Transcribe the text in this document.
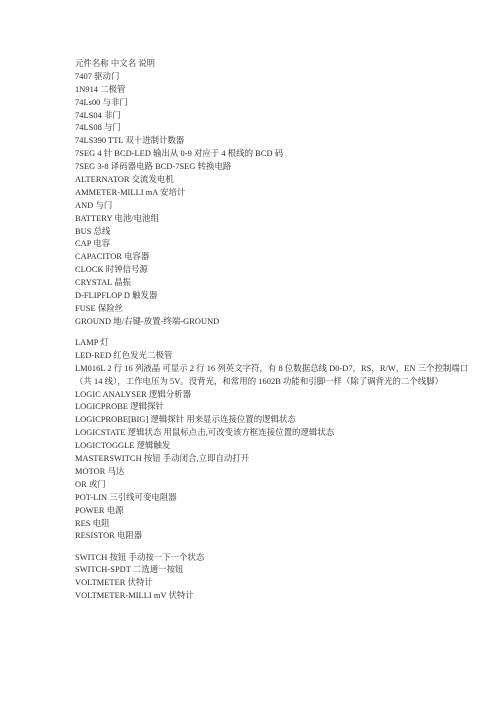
元件名称 中文名 说明
7407 驱动门
1N914 二极管
74Ls00 与非门
74LS04 非门
74LS08 与门
74LS390 TTL 双十进制计数器
7SEG 4 针 BCD-LED 输出从 0-9 对应于 4 根线的 BCD 码
7SEG 3-8 译码器电路 BCD-7SEG 转换电路
ALTERNATOR 交流发电机
AMMETER-MILLI mA 安培计
AND 与门
BATTERY 电池/电池组
BUS 总线
CAP 电容
CAPACITOR 电容器
CLOCK 时钟信号源
CRYSTAL 晶振
D-FLIPFLOP D 触发器
FUSE 保险丝
GROUND 地/右键-放置-终端-GROUND
LAMP 灯
LED-RED 红色发光二极管
LM016L 2 行 16 列液晶 可显示 2 行 16 列英文字符，有 8 位数据总线 D0-D7，RS，R/W，EN 三个控制端口（共 14 线），工作电压为 5V。没背光，和常用的 1602B 功能和引脚一样（除了调背光的二个线脚）
LOGIC ANALYSER 逻辑分析器
LOGICPROBE 逻辑探针
LOGICPROBE[BIG] 逻辑探针 用来显示连接位置的逻辑状态
LOGICSTATE 逻辑状态 用鼠标点击,可改变该方框连接位置的逻辑状态
LOGICTOGGLE 逻辑触发
MASTERSWITCH 按钮 手动闭合,立即自动打开
MOTOR 马达
OR 或门
POT-LIN 三引线可变电阻器
POWER 电源
RES 电阻
RESISTOR 电阻器
SWITCH 按钮 手动按一下一个状态
SWITCH-SPDT 二选通一按钮
VOLTMETER 伏特计
VOLTMETER-MILLI mV 伏特计
